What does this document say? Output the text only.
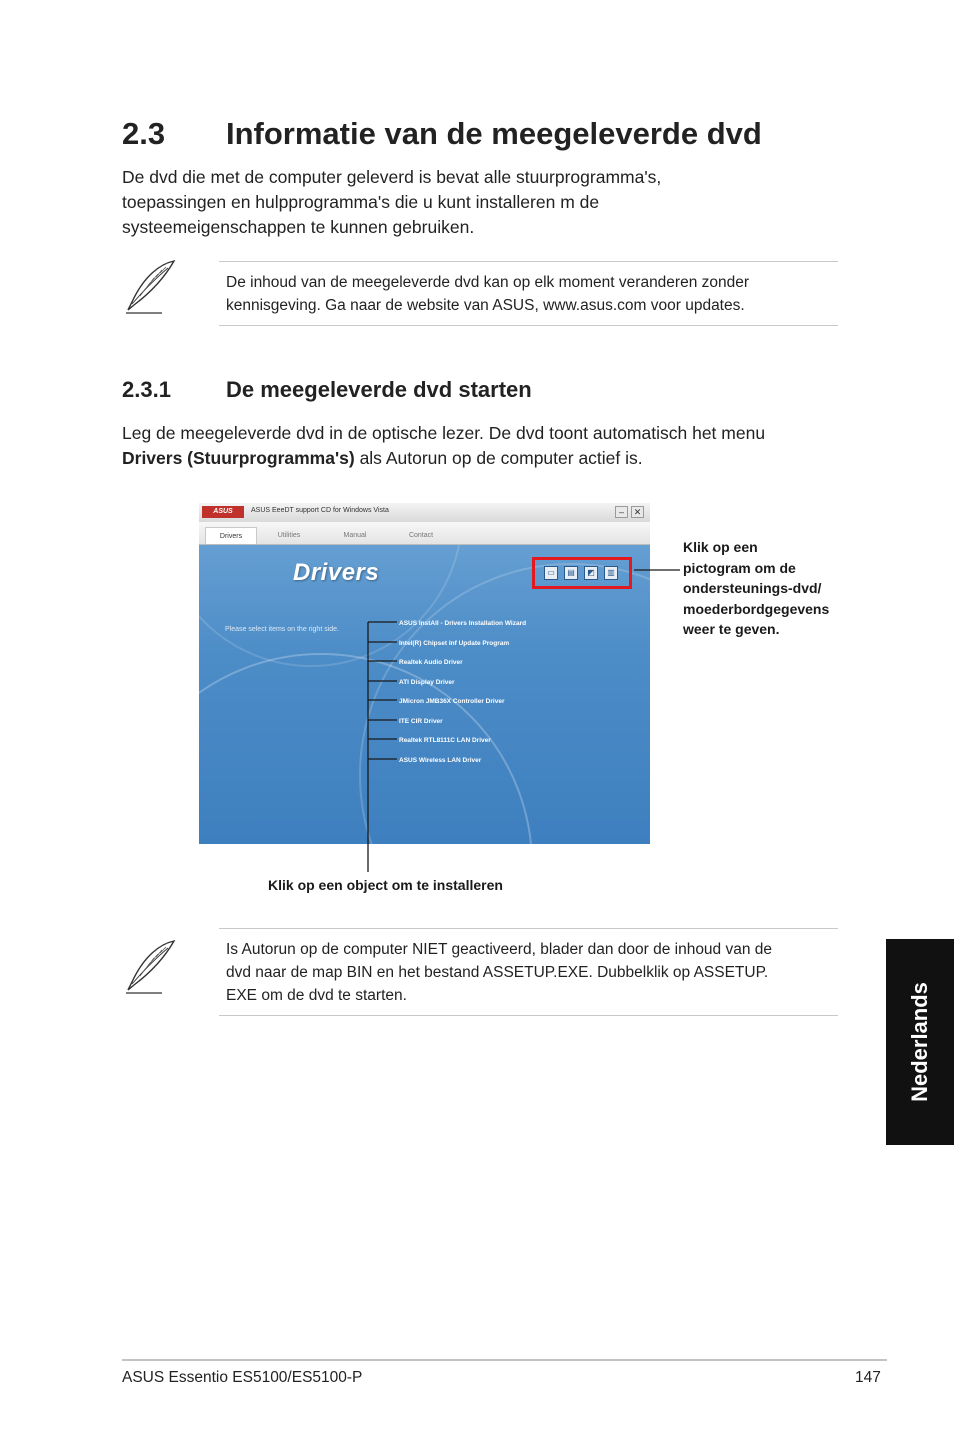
2.3 Informatie van de meegeleverde dvd
De dvd die met de computer geleverd is bevat alle stuurprogramma's,
toepassingen en hulpprogramma's die u kunt installeren m de
systeemeigenschappen te kunnen gebruiken.
De inhoud van de meegeleverde dvd kan op elk moment veranderen zonder
kennisgeving. Ga naar de website van ASUS, www.asus.com voor updates.
2.3.1	De meegeleverde dvd starten
Leg de meegeleverde dvd in de optische lezer. De dvd toont automatisch het menu
Drivers (Stuurprogramma's) als Autorun op de computer actief is.
ASUS	ASUS EeeDT support CD for Windows Vista	–	✕
Drivers	Utilities	Manual	Contact
Drivers
Please select items on the right side.
▭	▤	◩	▥
ASUS InstAll - Drivers Installation Wizard
Intel(R) Chipset Inf Update Program
Realtek Audio Driver
ATI Display Driver
JMicron JMB36X Controller Driver
ITE CIR Driver
Realtek RTL8111C LAN Driver
ASUS Wireless LAN Driver
Klik op een
pictogram om de
ondersteunings-dvd/
moederbordgegevens
weer te geven.
Klik op een object om te installeren
Is Autorun op de computer NIET geactiveerd, blader dan door de inhoud van de
dvd naar de map BIN en het bestand ASSETUP.EXE. Dubbelklik op ASSETUP.
EXE om de dvd te starten.	Nederlands
ASUS Essentio ES5100/ES5100-P	147
